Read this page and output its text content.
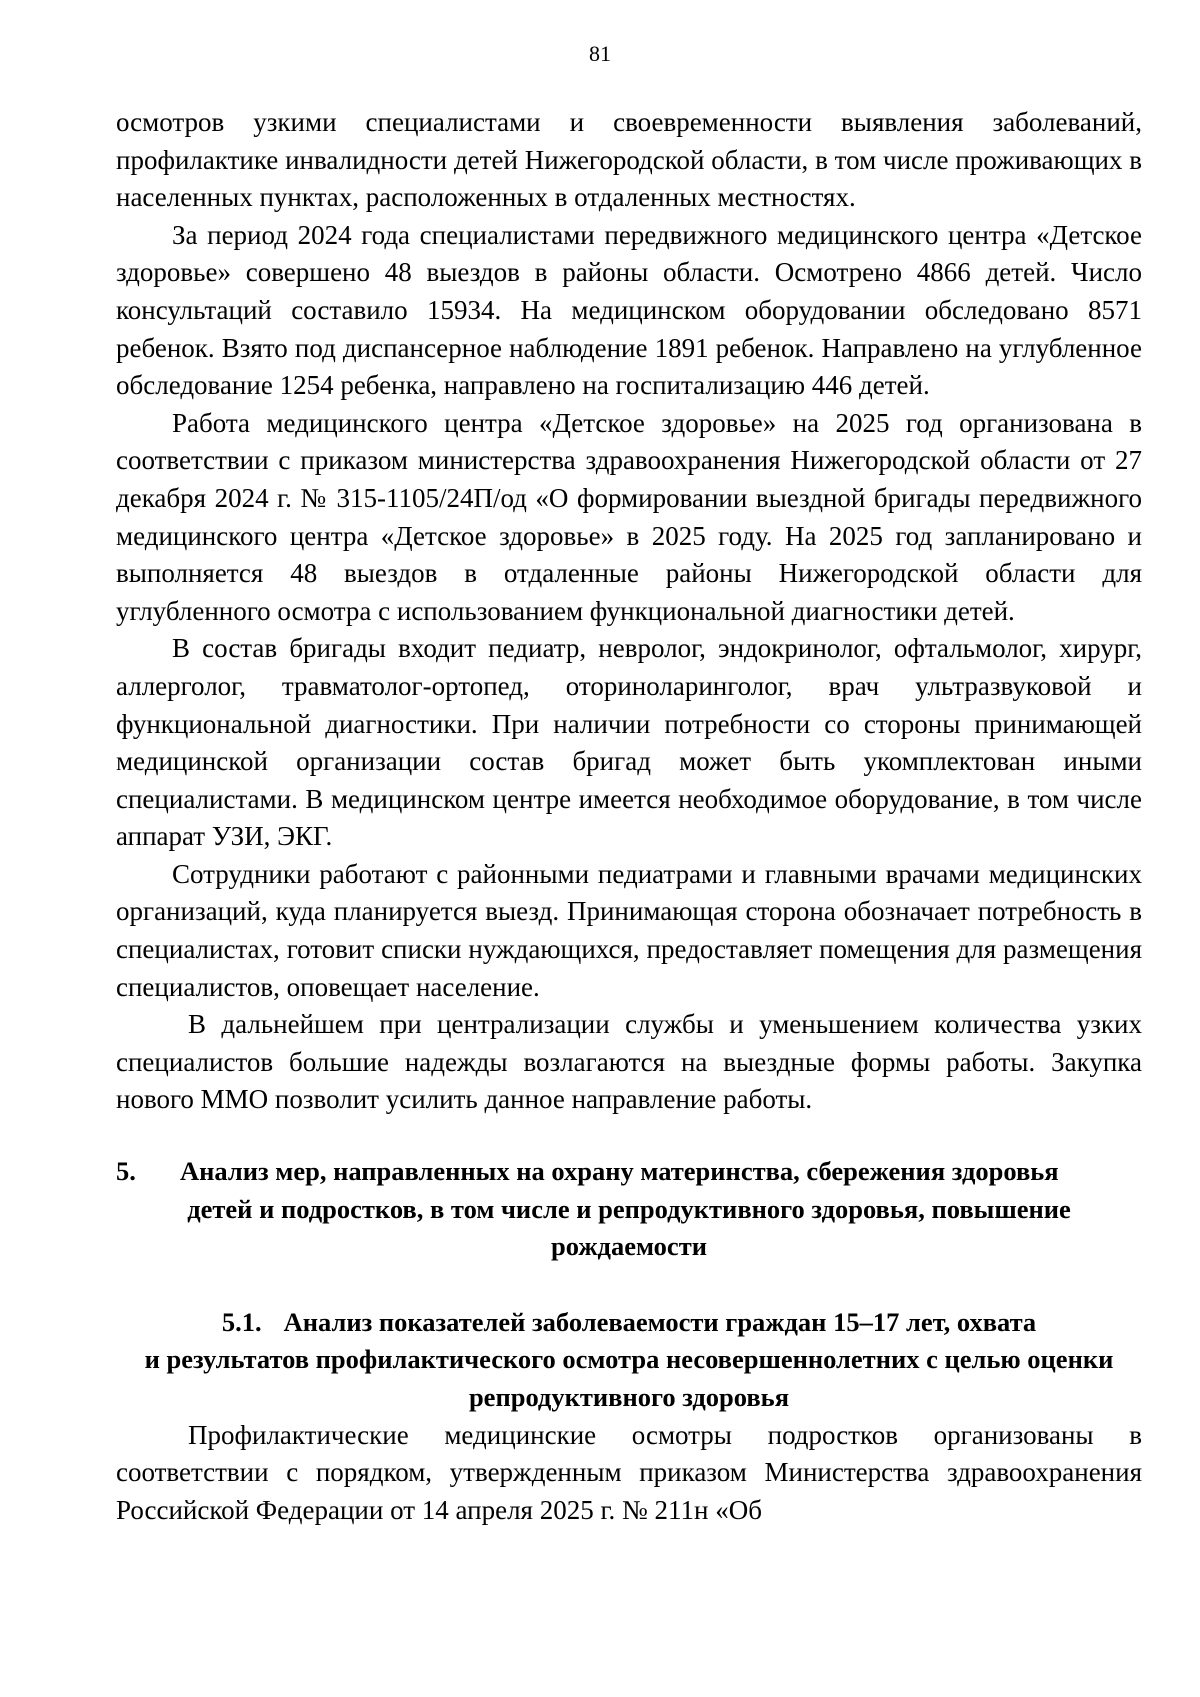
81

осмотров узкими специалистами и своевременности выявления заболеваний, профилактике инвалидности детей Нижегородской области, в том числе проживающих в населенных пунктах, расположенных в отдаленных местностях.

За период 2024 года специалистами передвижного медицинского центра «Детское здоровье» совершено 48 выездов в районы области. Осмотрено 4866 детей. Число консультаций составило 15934. На медицинском оборудовании обследовано 8571 ребенок. Взято под диспансерное наблюдение 1891 ребенок. Направлено на углубленное обследование 1254 ребенка, направлено на госпитализацию 446 детей.

Работа медицинского центра «Детское здоровье» на 2025 год организована в соответствии с приказом министерства здравоохранения Нижегородской области от 27 декабря 2024 г. № 315-1105/24П/од «О формировании выездной бригады передвижного медицинского центра «Детское здоровье» в 2025 году. На 2025 год запланировано и выполняется 48 выездов в отдаленные районы Нижегородской области для углубленного осмотра с использованием функциональной диагностики детей.

В состав бригады входит педиатр, невролог, эндокринолог, офтальмолог, хирург, аллерголог, травматолог-ортопед, оториноларинголог, врач ультразвуковой и функциональной диагностики. При наличии потребности со стороны принимающей медицинской организации состав бригад может быть укомплектован иными специалистами. В медицинском центре имеется необходимое оборудование, в том числе аппарат УЗИ, ЭКГ.

Сотрудники работают с районными педиатрами и главными врачами медицинских организаций, куда планируется выезд. Принимающая сторона обозначает потребность в специалистах, готовит списки нуждающихся, предоставляет помещения для размещения специалистов, оповещает население.

В дальнейшем при централизации службы и уменьшением количества узких специалистов большие надежды возлагаются на выездные формы работы. Закупка нового ММО позволит усилить данное направление работы.

5. Анализ мер, направленных на охрану материнства, сбережения здоровья
детей и подростков, в том числе и репродуктивного здоровья, повышение рождаемости
5.1. Анализ показателей заболеваемости граждан 15–17 лет, охвата
и результатов профилактического осмотра несовершеннолетних с целью оценки репродуктивного здоровья

Профилактические медицинские осмотры подростков организованы в соответствии с порядком, утвержденным приказом Министерства здравоохранения Российской Федерации от 14 апреля 2025 г. № 211н «Об
